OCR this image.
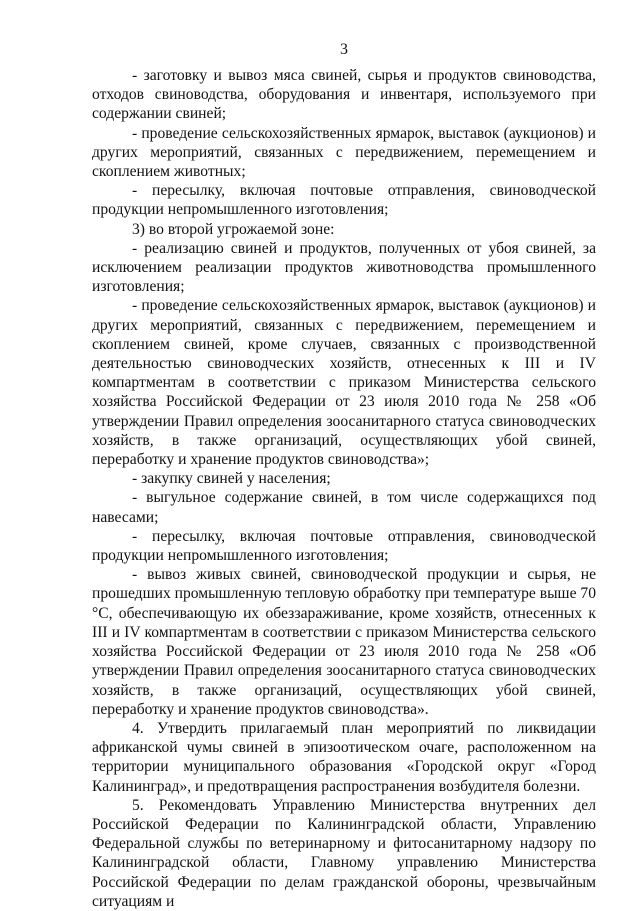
3

- заготовку и вывоз мяса свиней, сырья и продуктов свиноводства, отходов свиноводства, оборудования и инвентаря, используемого при содержании свиней;

- проведение сельскохозяйственных ярмарок, выставок (аукционов) и других мероприятий, связанных с передвижением, перемещением и скоплением животных;

- пересылку, включая почтовые отправления, свиноводческой продукции непромышленного изготовления;

3) во второй угрожаемой зоне:

- реализацию свиней и продуктов, полученных от убоя свиней, за исключением реализации продуктов животноводства промышленного изготовления;

- проведение сельскохозяйственных ярмарок, выставок (аукционов) и других мероприятий, связанных с передвижением, перемещением и скоплением свиней, кроме случаев, связанных с производственной деятельностью свиноводческих хозяйств, отнесенных к III и IV компартментам в соответствии с приказом Министерства сельского хозяйства Российской Федерации от 23 июля 2010 года № 258 «Об утверждении Правил определения зоосанитарного статуса свиноводческих хозяйств, в также организаций, осуществляющих убой свиней, переработку и хранение продуктов свиноводства»;

- закупку свиней у населения;

- выгульное содержание свиней, в том числе содержащихся под навесами;

- пересылку, включая почтовые отправления, свиноводческой продукции непромышленного изготовления;

- вывоз живых свиней, свиноводческой продукции и сырья, не прошедших промышленную тепловую обработку при температуре выше 70 °С, обеспечивающую их обеззараживание, кроме хозяйств, отнесенных к III и IV компартментам в соответствии с приказом Министерства сельского хозяйства Российской Федерации от 23 июля 2010 года № 258 «Об утверждении Правил определения зоосанитарного статуса свиноводческих хозяйств, в также организаций, осуществляющих убой свиней, переработку и хранение продуктов свиноводства».

4. Утвердить прилагаемый план мероприятий по ликвидации африканской чумы свиней в эпизоотическом очаге, расположенном на территории муниципального образования «Городской округ «Город Калининград», и предотвращения распространения возбудителя болезни.

5. Рекомендовать Управлению Министерства внутренних дел Российской Федерации по Калининградской области, Управлению Федеральной службы по ветеринарному и фитосанитарному надзору по Калининградской области, Главному управлению Министерства Российской Федерации по делам гражданской обороны, чрезвычайным ситуациям и
